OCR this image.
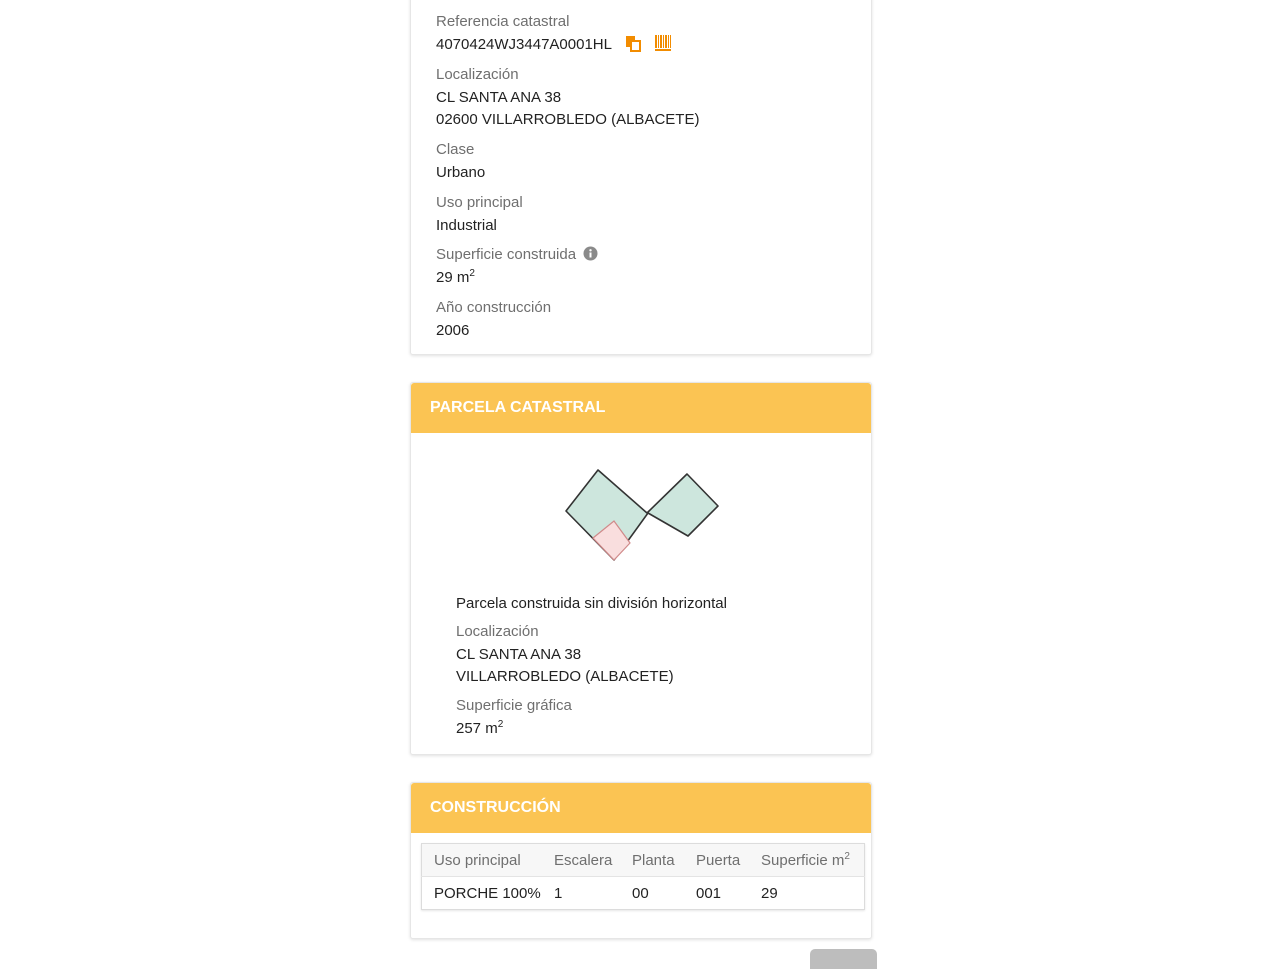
Referencia catastral
4070424WJ3447A0001HL
Localización
CL SANTA ANA 38
02600 VILLARROBLEDO (ALBACETE)
Clase
Urbano
Uso principal
Industrial
Superficie construida
29 $m^2$
Año construcción
2006
PARCELA CATASTRAL
Parcela construida sin división horizontal
Localización
CL SANTA ANA 38
VILLARROBLEDO (ALBACETE)
Superficie gráfica
257 $m^2$
CONSTRUCCIÓN
Uso principal	Escalera	Planta	Puerta	Superficie $m^2$
PORCHE 100%	1	00	001	29
